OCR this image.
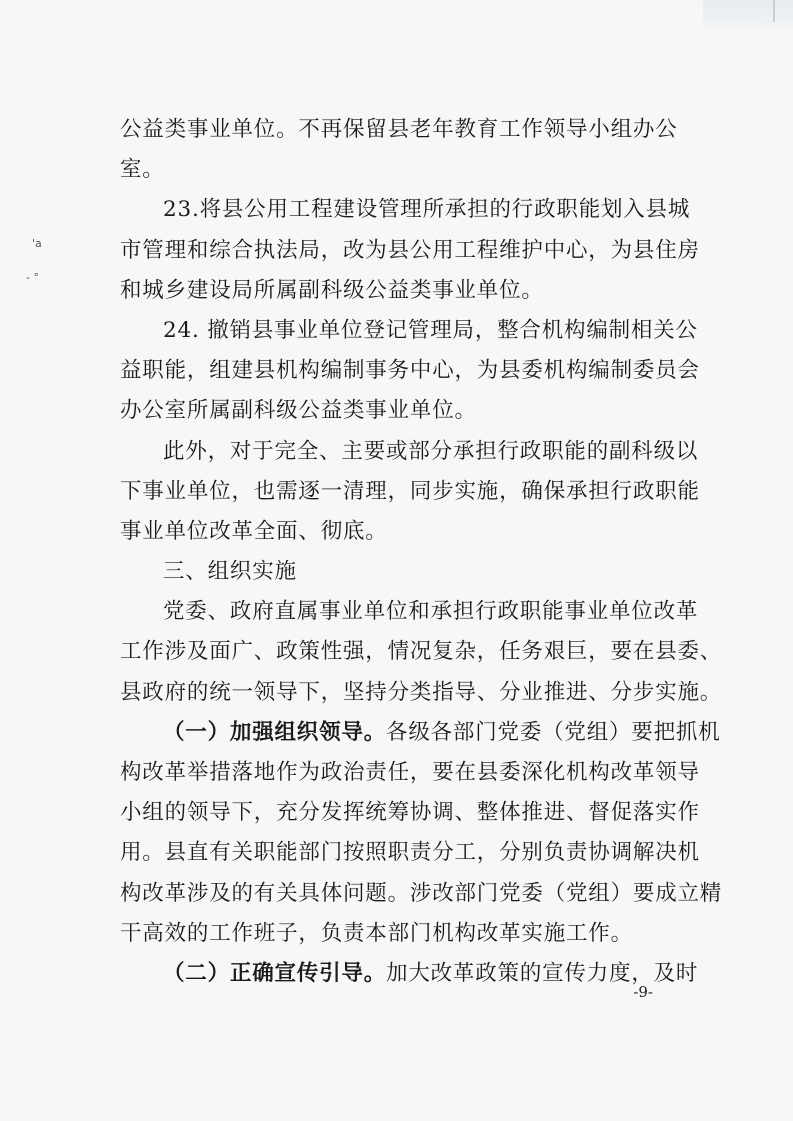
'a
- °
公益类事业单位。不再保留县老年教育工作领导小组办公
室。
23.将县公用工程建设管理所承担的行政职能划入县城
市管理和综合执法局，改为县公用工程维护中心，为县住房
和城乡建设局所属副科级公益类事业单位。
24. 撤销县事业单位登记管理局，整合机构编制相关公
益职能，组建县机构编制事务中心，为县委机构编制委员会
办公室所属副科级公益类事业单位。
此外，对于完全、主要或部分承担行政职能的副科级以
下事业单位，也需逐一清理，同步实施，确保承担行政职能
事业单位改革全面、彻底。
三、组织实施
党委、政府直属事业单位和承担行政职能事业单位改革
工作涉及面广、政策性强，情况复杂，任务艰巨，要在县委、
县政府的统一领导下，坚持分类指导、分业推进、分步实施。
（一）加强组织领导。各级各部门党委（党组）要把抓机
构改革举措落地作为政治责任，要在县委深化机构改革领导
小组的领导下，充分发挥统筹协调、整体推进、督促落实作
用。县直有关职能部门按照职责分工，分别负责协调解决机
构改革涉及的有关具体问题。涉改部门党委（党组）要成立精
干高效的工作班子，负责本部门机构改革实施工作。
（二）正确宣传引导。加大改革政策的宣传力度，及时
-9-
